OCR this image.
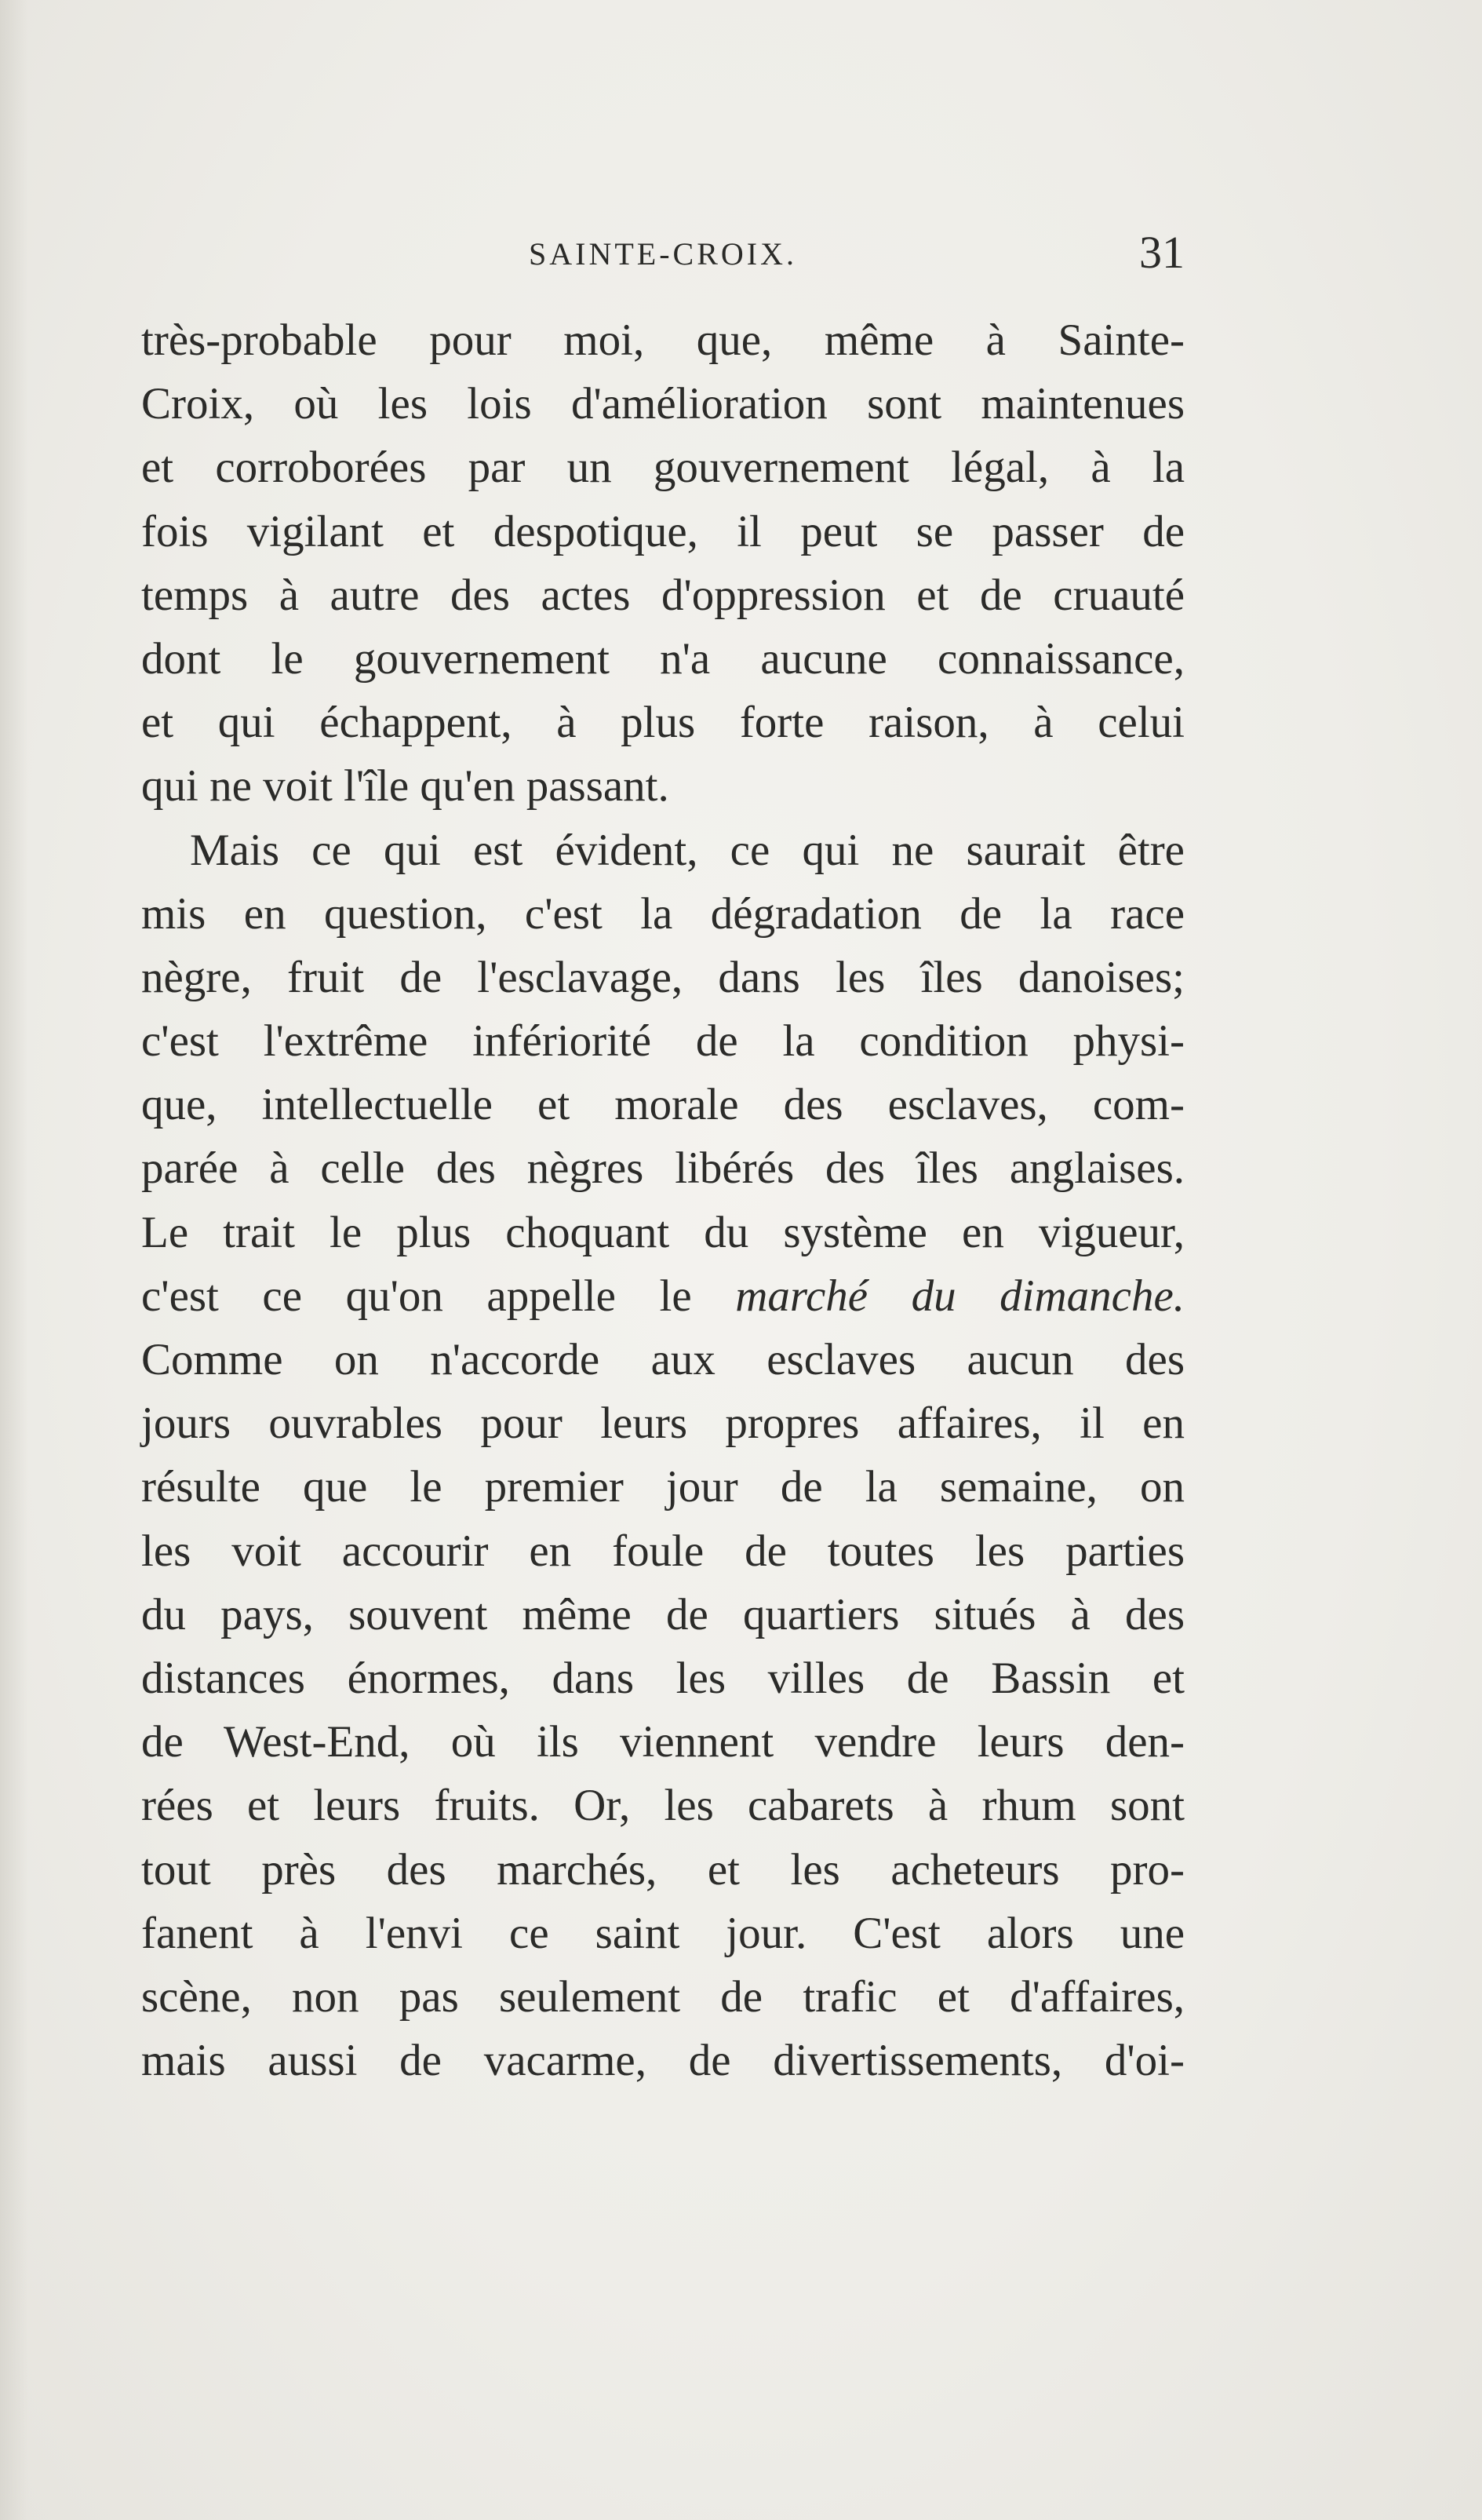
SAINTE-CROIX.	31

très-probable pour moi, que, même à Sainte-
Croix, où les lois d'amélioration sont maintenues
et corroborées par un gouvernement légal, à la
fois vigilant et despotique, il peut se passer de
temps à autre des actes d'oppression et de cruauté
dont le gouvernement n'a aucune connaissance,
et qui échappent, à plus forte raison, à celui
qui ne voit l'île qu'en passant.

Mais ce qui est évident, ce qui ne saurait être
mis en question, c'est la dégradation de la race
nègre, fruit de l'esclavage, dans les îles danoises;
c'est l'extrême infériorité de la condition physi-
que, intellectuelle et morale des esclaves, com-
parée à celle des nègres libérés des îles anglaises.
Le trait le plus choquant du système en vigueur,
c'est ce qu'on appelle le marché du dimanche.
Comme on n'accorde aux esclaves aucun des
jours ouvrables pour leurs propres affaires, il en
résulte que le premier jour de la semaine, on
les voit accourir en foule de toutes les parties
du pays, souvent même de quartiers situés à des
distances énormes, dans les villes de Bassin et
de West-End, où ils viennent vendre leurs den-
rées et leurs fruits. Or, les cabarets à rhum sont
tout près des marchés, et les acheteurs pro-
fanent à l'envi ce saint jour. C'est alors une
scène, non pas seulement de trafic et d'affaires,
mais aussi de vacarme, de divertissements, d'oi-
